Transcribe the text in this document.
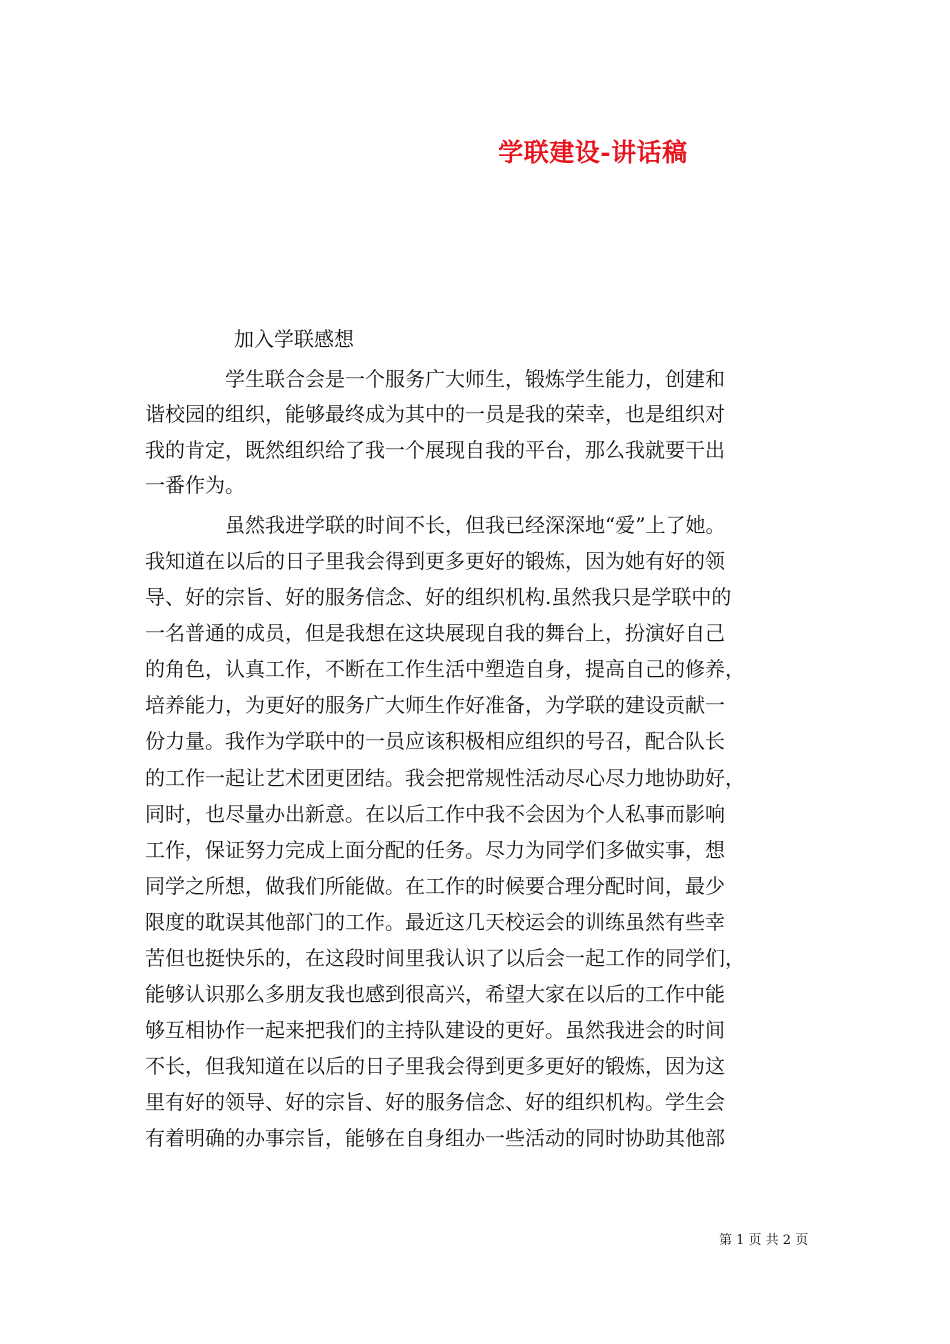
学联建设-讲话稿
加入学联感想
　　　　学生联合会是一个服务广大师生，锻炼学生能力，创建和
谐校园的组织，能够最终成为其中的一员是我的荣幸，也是组织对
我的肯定，既然组织给了我一个展现自我的平台，那么我就要干出
一番作为。
　　　　虽然我进学联的时间不长，但我已经深深地“爱”上了她。
我知道在以后的日子里我会得到更多更好的锻炼，因为她有好的领
导、好的宗旨、好的服务信念、好的组织机构.虽然我只是学联中的
一名普通的成员，但是我想在这块展现自我的舞台上，扮演好自己
的角色，认真工作，不断在工作生活中塑造自身，提高自己的修养，
培养能力，为更好的服务广大师生作好准备，为学联的建设贡献一
份力量。我作为学联中的一员应该积极相应组织的号召，配合队长
的工作一起让艺术团更团结。我会把常规性活动尽心尽力地协助好，
同时，也尽量办出新意。在以后工作中我不会因为个人私事而影响
工作，保证努力完成上面分配的任务。尽力为同学们多做实事，想
同学之所想，做我们所能做。在工作的时候要合理分配时间，最少
限度的耽误其他部门的工作。最近这几天校运会的训练虽然有些幸
苦但也挺快乐的，在这段时间里我认识了以后会一起工作的同学们，
能够认识那么多朋友我也感到很高兴，希望大家在以后的工作中能
够互相协作一起来把我们的主持队建设的更好。虽然我进会的时间
不长，但我知道在以后的日子里我会得到更多更好的锻炼，因为这
里有好的领导、好的宗旨、好的服务信念、好的组织机构。学生会
有着明确的办事宗旨，能够在自身组办一些活动的同时协助其他部
第 1 页 共 2 页
